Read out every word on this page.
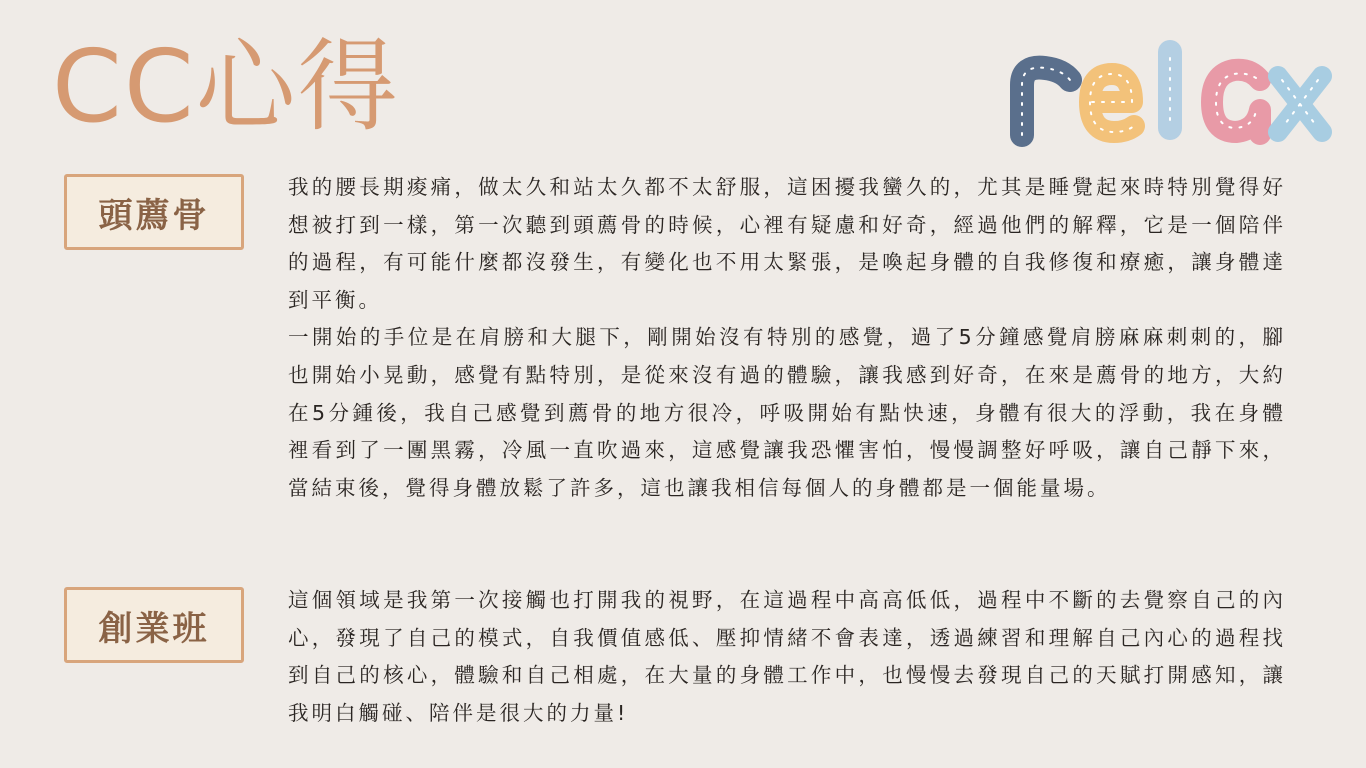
CC心得
頭薦骨

我的腰長期痠痛，做太久和站太久都不太舒服，這困擾我蠻久的，尤其是睡覺起來時特別覺得好想被打到一樣，第一次聽到頭薦骨的時候，心裡有疑慮和好奇，經過他們的解釋，它是一個陪伴的過程，有可能什麼都沒發生，有變化也不用太緊張，是喚起身體的自我修復和療癒，讓身體達到平衡。

一開始的手位是在肩膀和大腿下，剛開始沒有特別的感覺，過了5分鐘感覺肩膀麻麻刺刺的，腳也開始小晃動，感覺有點特別，是從來沒有過的體驗，讓我感到好奇，在來是薦骨的地方，大約在5分鍾後，我自己感覺到薦骨的地方很冷，呼吸開始有點快速，身體有很大的浮動，我在身體裡看到了一團黑霧，冷風一直吹過來，這感覺讓我恐懼害怕，慢慢調整好呼吸，讓自己靜下來，當結束後，覺得身體放鬆了許多，這也讓我相信每個人的身體都是一個能量場。

創業班

這個領域是我第一次接觸也打開我的視野，在這過程中高高低低，過程中不斷的去覺察自己的內心，發現了自己的模式，自我價值感低、壓抑情緒不會表達，透過練習和理解自己內心的過程找到自己的核心，體驗和自己相處，在大量的身體工作中，也慢慢去發現自己的天賦打開感知，讓我明白觸碰、陪伴是很大的力量!
